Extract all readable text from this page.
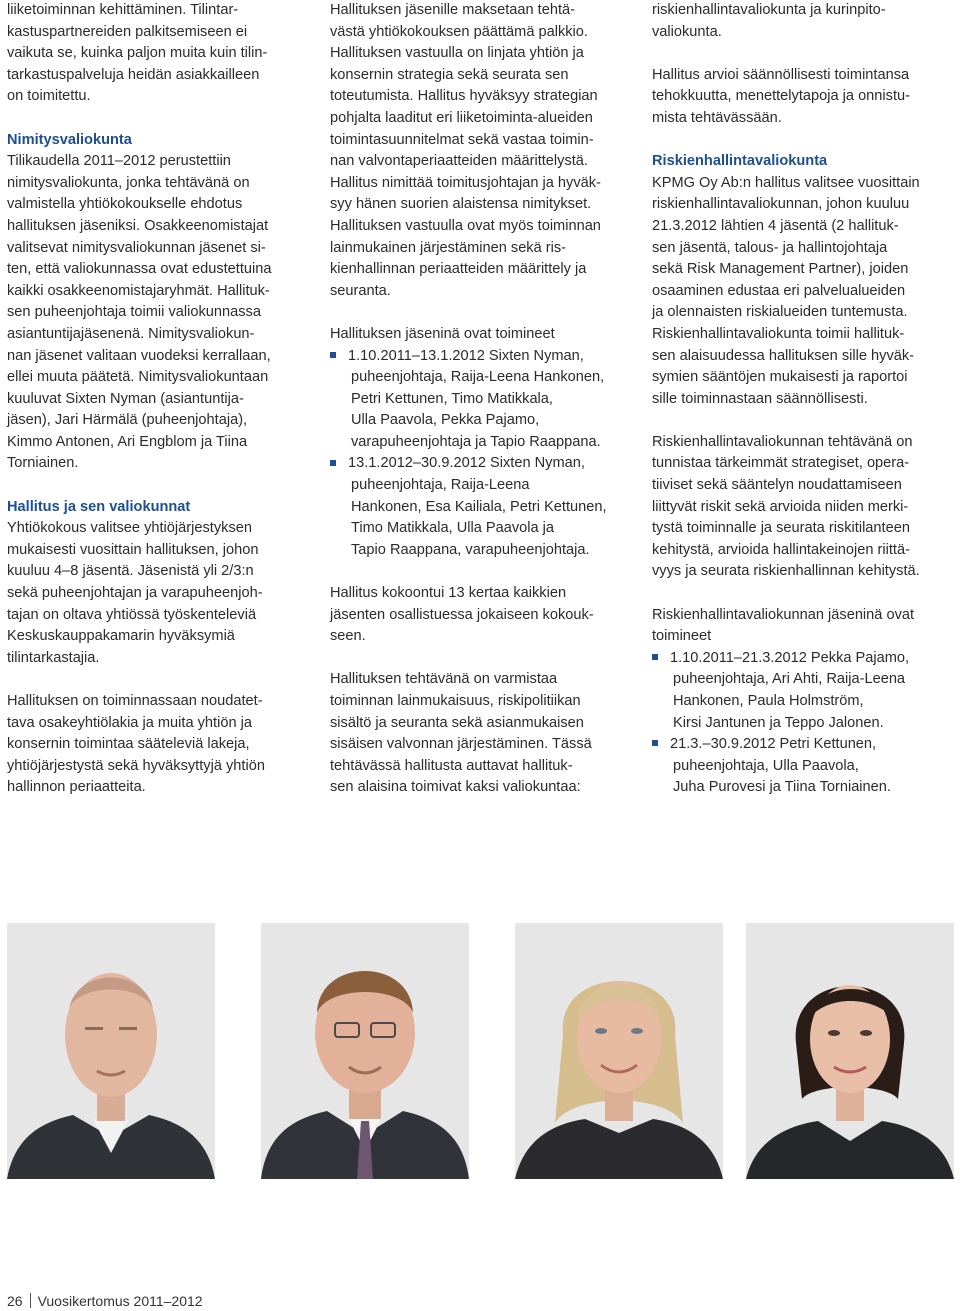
liiketoiminnan kehittäminen. Tilintar-
kastuspartnereiden palkitsemiseen ei
vaikuta se, kuinka paljon muita kuin tilin-
tarkastuspalveluja heidän asiakkailleen
on toimitettu.
Nimitysvaliokunta
Tilikaudella 2011–2012 perustettiin
nimitysvaliokunta, jonka tehtävänä on
valmistella yhtiökokoukselle ehdotus
hallituksen jäseniksi. Osakkeenomistajat
valitsevat nimitysvaliokunnan jäsenet si-
ten, että valiokunnassa ovat edustettuina
kaikki osakkeenomistajaryhmät. Hallituk-
sen puheenjohtaja toimii valiokunnassa
asiantuntijajäsenenä. Nimitysvaliokun-
nan jäsenet valitaan vuodeksi kerrallaan,
ellei muuta päätetä. Nimitysvaliokuntaan
kuuluvat Sixten Nyman (asiantuntija-
jäsen), Jari Härmälä (puheenjohtaja),
Kimmo Antonen, Ari Engblom ja Tiina
Torniainen.
Hallitus ja sen valiokunnat
Yhtiökokous valitsee yhtiöjärjestyksen
mukaisesti vuosittain hallituksen, johon
kuuluu 4–8 jäsentä. Jäsenistä yli 2/3:n
sekä puheenjohtajan ja varapuheenjoh-
tajan on oltava yhtiössä työskenteleviä
Keskuskauppakamarin hyväksymiä
tilintarkastajia.
Hallituksen on toiminnassaan noudatet-
tava osakeyhtiölakia ja muita yhtiön ja
konsernin toimintaa sääteleviä lakeja,
yhtiöjärjestystä sekä hyväksyttyjä yhtiön
hallinnon periaatteita.
Hallituksen jäsenille maksetaan tehtä-
västä yhtiökokouksen päättämä palkkio.
Hallituksen vastuulla on linjata yhtiön ja
konsernin strategia sekä seurata sen
toteutumista. Hallitus hyväksyy strategian
pohjalta laaditut eri liiketoiminta-alueiden
toimintasuunnitelmat sekä vastaa toimin-
nan valvontaperiaatteiden määrittelystä.
Hallitus nimittää toimitusjohtajan ja hyväk-
syy hänen suorien alaistensa nimitykset.
Hallituksen vastuulla ovat myös toiminnan
lainmukainen järjestäminen sekä ris-
kienhallinnan periaatteiden määrittely ja
seuranta.
Hallituksen jäseninä ovat toimineet
1.10.2011–13.1.2012 Sixten Nyman,
puheenjohtaja, Raija-Leena Hankonen,
Petri Kettunen, Timo Matikkala,
Ulla Paavola, Pekka Pajamo,
varapuheenjohtaja ja Tapio Raappana.
13.1.2012–30.9.2012 Sixten Nyman,
puheenjohtaja, Raija-Leena
Hankonen, Esa Kailiala, Petri Kettunen,
Timo Matikkala, Ulla Paavola ja
Tapio Raappana, varapuheenjohtaja.
Hallitus kokoontui 13 kertaa kaikkien
jäsenten osallistuessa jokaiseen kokouk-
seen.
Hallituksen tehtävänä on varmistaa
toiminnan lainmukaisuus, riskipolitiikan
sisältö ja seuranta sekä asianmukaisen
sisäisen valvonnan järjestäminen. Tässä
tehtävässä hallitusta auttavat hallituk-
sen alaisina toimivat kaksi valiokuntaa:
riskienhallintavaliokunta ja kurinpito-
valiokunta.
Hallitus arvioi säännöllisesti toimintansa
tehokkuutta, menettelytapoja ja onnistu-
mista tehtävässään.
Riskienhallintavaliokunta
KPMG Oy Ab:n hallitus valitsee vuosittain
riskienhallintavaliokunnan, johon kuuluu
21.3.2012 lähtien 4 jäsentä (2 hallituk-
sen jäsentä, talous- ja hallintojohtaja
sekä Risk Management Partner), joiden
osaaminen edustaa eri palvelualueiden
ja olennaisten riskialueiden tuntemusta.
Riskienhallintavaliokunta toimii hallituk-
sen alaisuudessa hallituksen sille hyväk-
symien sääntöjen mukaisesti ja raportoi
sille toiminnastaan säännöllisesti.
Riskienhallintavaliokunnan tehtävänä on
tunnistaa tärkeimmät strategiset, opera-
tiiviset sekä sääntelyn noudattamiseen
liittyvät riskit sekä arvioida niiden merki-
tystä toiminnalle ja seurata riskitilanteen
kehitystä, arvioida hallintakeinojen riittä-
vyys ja seurata riskienhallinnan kehitystä.
Riskienhallintavaliokunnan jäseninä ovat
toimineet
1.10.2011–21.3.2012 Pekka Pajamo,
puheenjohtaja, Ari Ahti, Raija-Leena
Hankonen, Paula Holmström,
Kirsi Jantunen ja Teppo Jalonen.
21.3.–30.9.2012 Petri Kettunen,
puheenjohtaja, Ulla Paavola,
Juha Purovesi ja Tiina Torniainen.
26 Vuosikertomus 2011–2012
